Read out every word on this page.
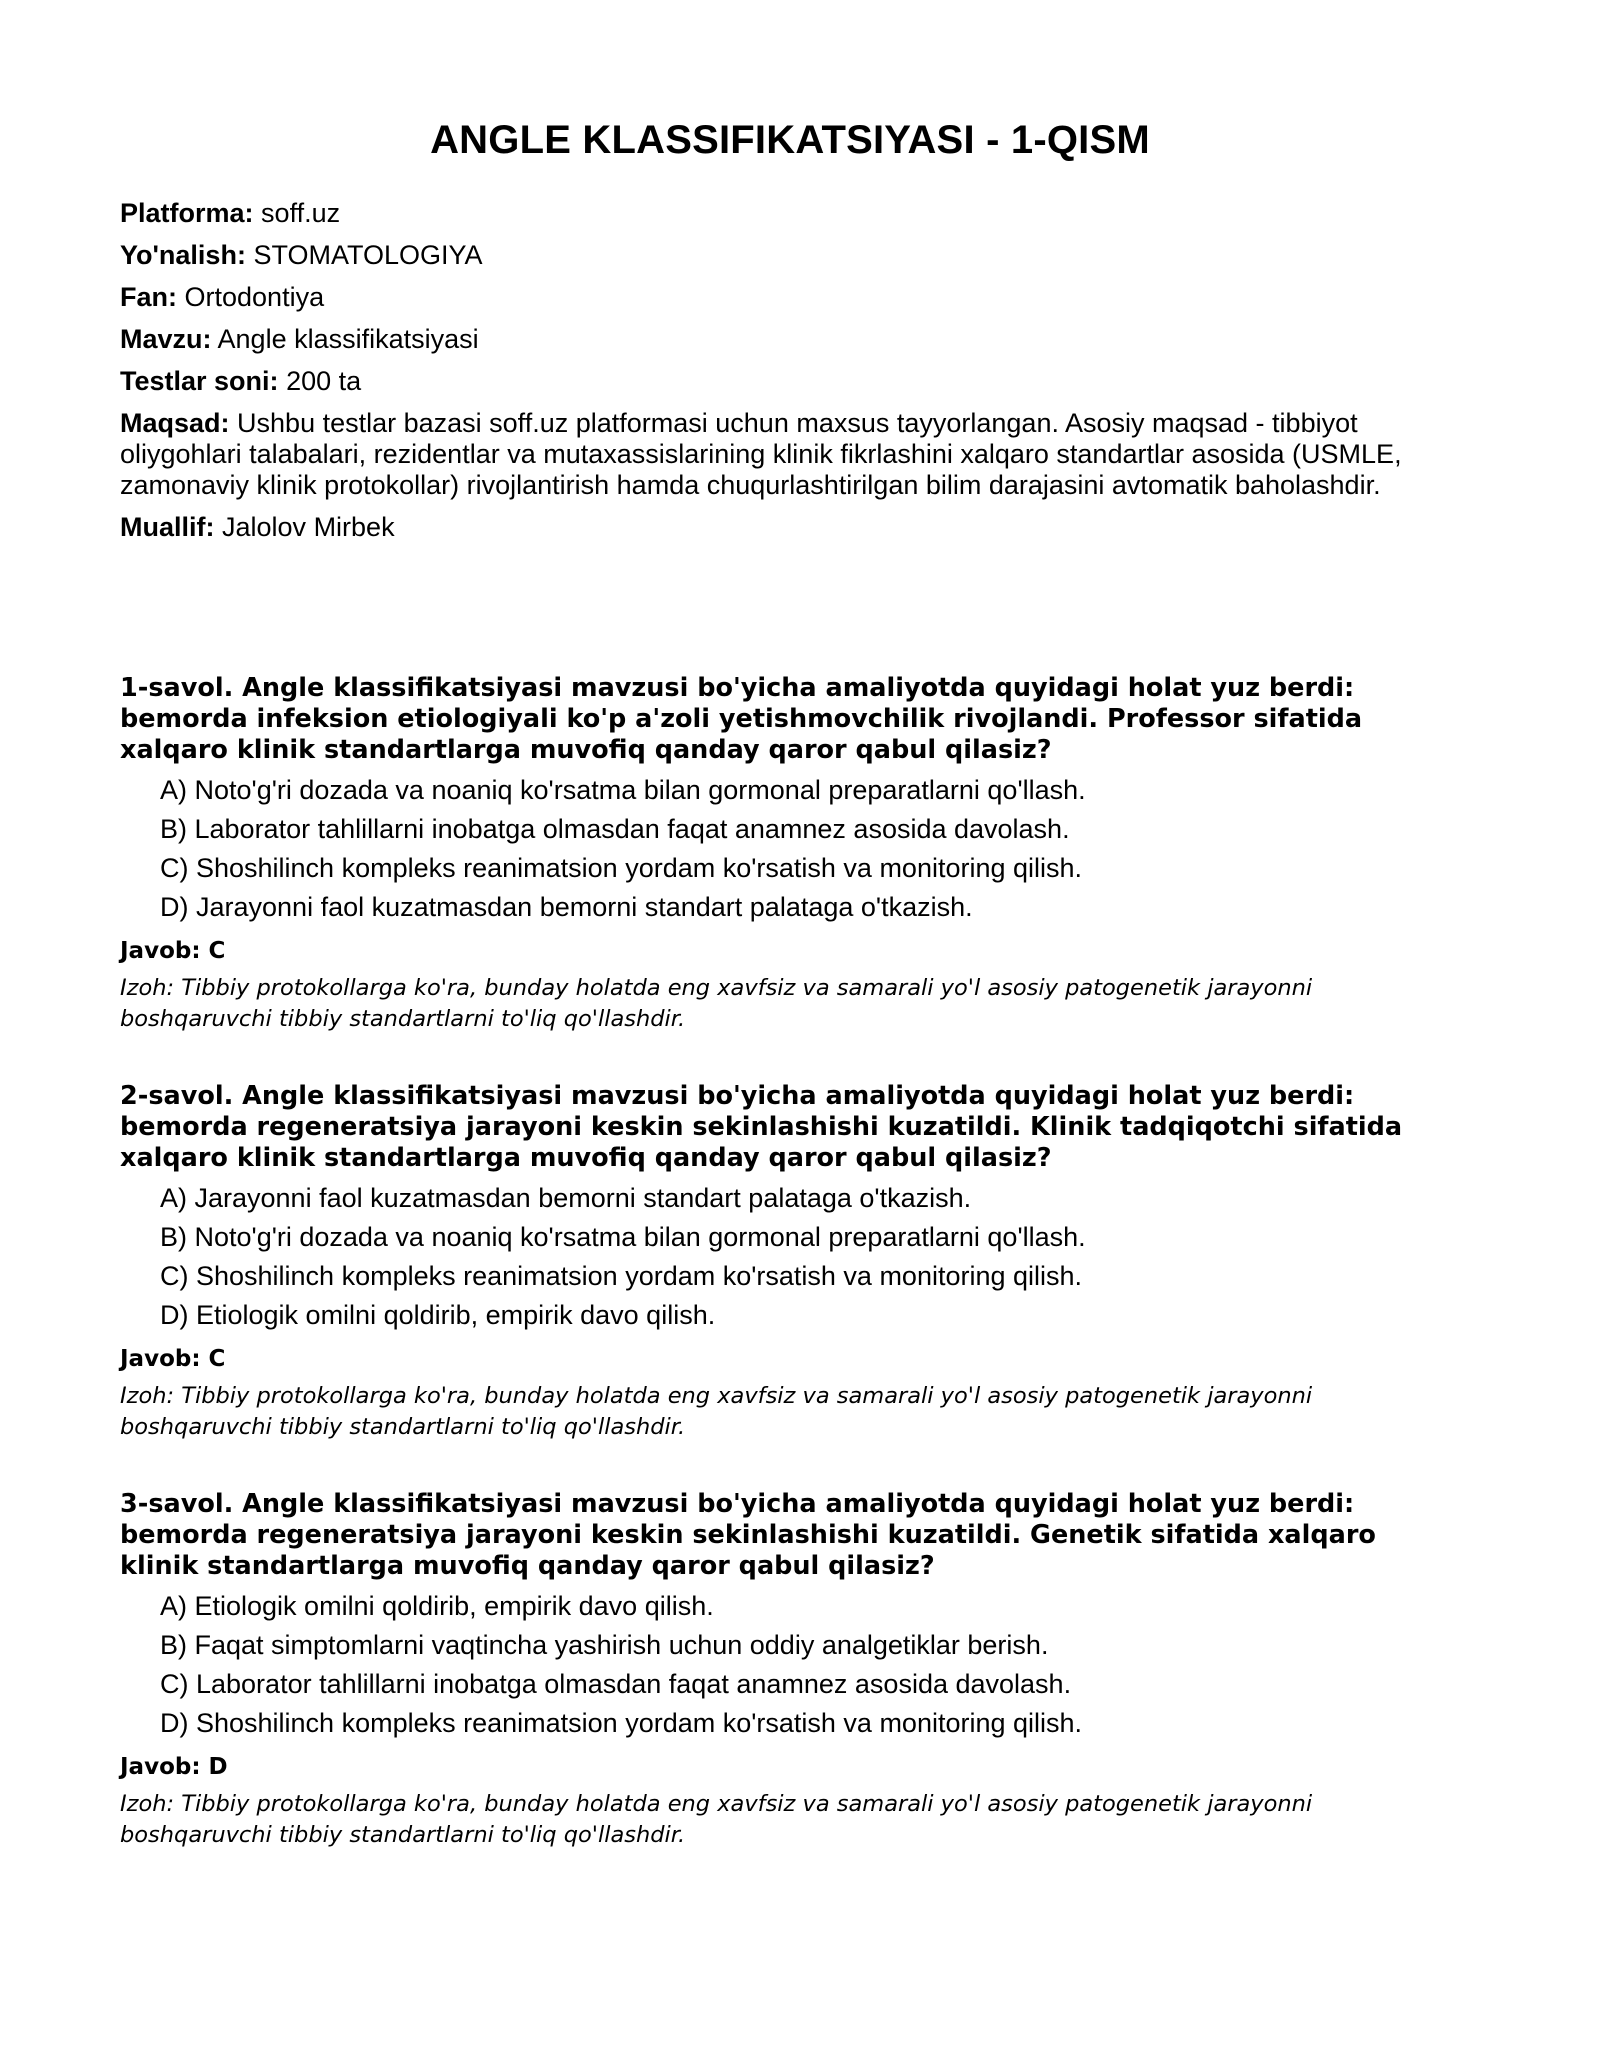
ANGLE KLASSIFIKATSIYASI - 1-QISM
Platforma: soff.uz
Yo'nalish: STOMATOLOGIYA
Fan: Ortodontiya
Mavzu: Angle klassifikatsiyasi
Testlar soni: 200 ta
Maqsad: Ushbu testlar bazasi soff.uz platformasi uchun maxsus tayyorlangan. Asosiy maqsad - tibbiyot oliygohlari talabalari, rezidentlar va mutaxassislarining klinik fikrlashini xalqaro standartlar asosida (USMLE, zamonaviy klinik protokollar) rivojlantirish hamda chuqurlashtirilgan bilim darajasini avtomatik baholashdir.
Muallif: Jalolov Mirbek

1-savol. Angle klassifikatsiyasi mavzusi bo'yicha amaliyotda quyidagi holat yuz berdi: bemorda infeksion etiologiyali ko'p a'zoli yetishmovchilik rivojlandi. Professor sifatida xalqaro klinik standartlarga muvofiq qanday qaror qabul qilasiz?

A) Noto'g'ri dozada va noaniq ko'rsatma bilan gormonal preparatlarni qo'llash.
B) Laborator tahlillarni inobatga olmasdan faqat anamnez asosida davolash.
C) Shoshilinch kompleks reanimatsion yordam ko'rsatish va monitoring qilish.
D) Jarayonni faol kuzatmasdan bemorni standart palataga o'tkazish.

Javob: C

Izoh: Tibbiy protokollarga ko'ra, bunday holatda eng xavfsiz va samarali yo'l asosiy patogenetik jarayonni boshqaruvchi tibbiy standartlarni to'liq qo'llashdir.

2-savol. Angle klassifikatsiyasi mavzusi bo'yicha amaliyotda quyidagi holat yuz berdi: bemorda regeneratsiya jarayoni keskin sekinlashishi kuzatildi. Klinik tadqiqotchi sifatida xalqaro klinik standartlarga muvofiq qanday qaror qabul qilasiz?

A) Jarayonni faol kuzatmasdan bemorni standart palataga o'tkazish.
B) Noto'g'ri dozada va noaniq ko'rsatma bilan gormonal preparatlarni qo'llash.
C) Shoshilinch kompleks reanimatsion yordam ko'rsatish va monitoring qilish.
D) Etiologik omilni qoldirib, empirik davo qilish.

Javob: C

Izoh: Tibbiy protokollarga ko'ra, bunday holatda eng xavfsiz va samarali yo'l asosiy patogenetik jarayonni boshqaruvchi tibbiy standartlarni to'liq qo'llashdir.

3-savol. Angle klassifikatsiyasi mavzusi bo'yicha amaliyotda quyidagi holat yuz berdi: bemorda regeneratsiya jarayoni keskin sekinlashishi kuzatildi. Genetik sifatida xalqaro klinik standartlarga muvofiq qanday qaror qabul qilasiz?

A) Etiologik omilni qoldirib, empirik davo qilish.
B) Faqat simptomlarni vaqtincha yashirish uchun oddiy analgetiklar berish.
C) Laborator tahlillarni inobatga olmasdan faqat anamnez asosida davolash.
D) Shoshilinch kompleks reanimatsion yordam ko'rsatish va monitoring qilish.

Javob: D

Izoh: Tibbiy protokollarga ko'ra, bunday holatda eng xavfsiz va samarali yo'l asosiy patogenetik jarayonni boshqaruvchi tibbiy standartlarni to'liq qo'llashdir.
